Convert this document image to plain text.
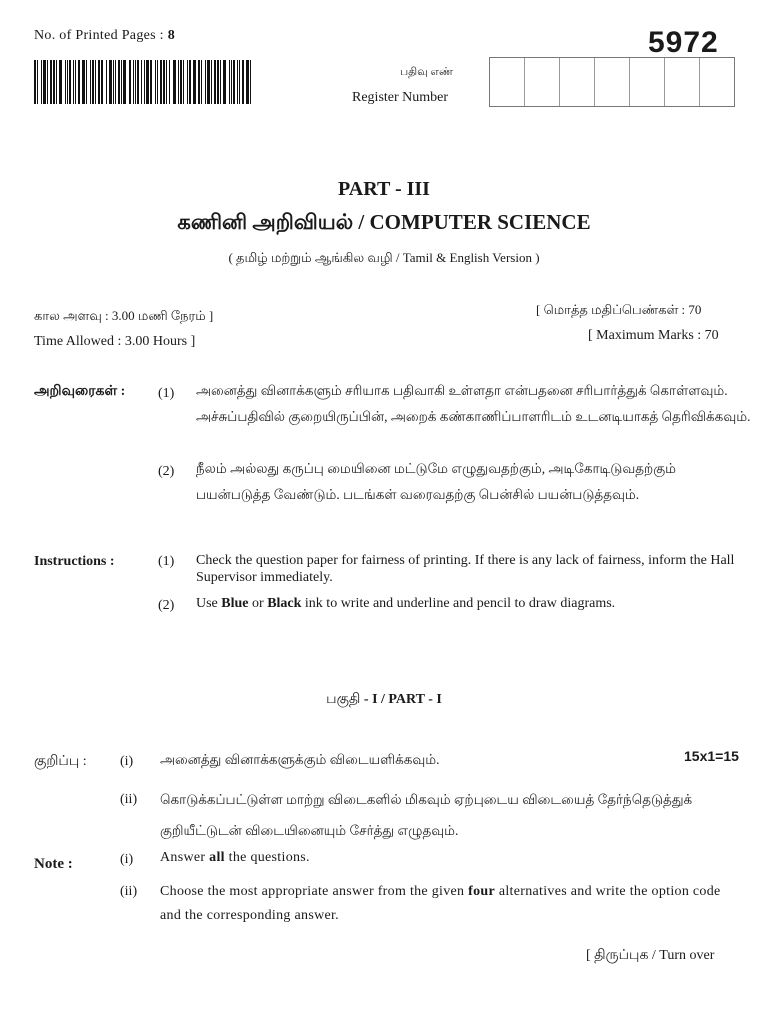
No. of Printed Pages : 8	5972
பதிவு எண்
Register Number
PART - III
கணினி அறிவியல் / COMPUTER SCIENCE
( தமிழ் மற்றும் ஆங்கில வழி / Tamil & English Version )
கால அளவு : 3.00 மணி நேரம் ]
Time Allowed : 3.00 Hours ]
[ மொத்த மதிப்பெண்கள் : 70
[ Maximum Marks : 70
அறிவுரைகள் : (1) அனைத்து வினாக்களும் சரியாக பதிவாகி உள்ளதா என்பதனை சரிபார்த்துக் கொள்ளவும். அச்சுப்பதிவில் குறையிருப்பின், அறைக் கண்காணிப்பாளரிடம் உடனடியாகத் தெரிவிக்கவும்.
(2) நீலம் அல்லது கருப்பு மையினை மட்டுமே எழுதுவதற்கும், அடிகோடிடுவதற்கும் பயன்படுத்த வேண்டும். படங்கள் வரைவதற்கு பென்சில் பயன்படுத்தவும்.
Instructions :	(1) Check the question paper for fairness of printing. If there is any lack of fairness, inform the Hall Supervisor immediately.
(2) Use Blue or Black ink to write and underline and pencil to draw diagrams.
பகுதி - I / PART - I
15x1=15
குறிப்பு : (i) அனைத்து வினாக்களுக்கும் விடையளிக்கவும்.
(ii) கொடுக்கப்பட்டுள்ள மாற்று விடைகளில் மிகவும் ஏற்புடைய விடையைத் தேர்ந்தெடுத்துக் குறியீட்டுடன் விடையினையும் சேர்த்து எழுதவும்.
Note :	(i) Answer all the questions.
(ii) Choose the most appropriate answer from the given four alternatives and write the option code and the corresponding answer.
[ திருப்புக / Turn over
